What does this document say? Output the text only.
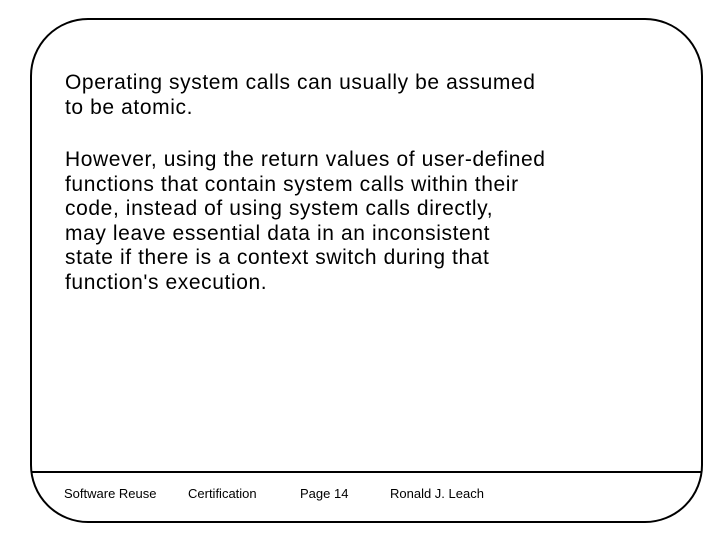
Operating system calls can usually be assumed
to be atomic.

However, using the return values of user-defined
functions that contain system calls within their
code, instead of using system calls directly,
may leave essential data in an inconsistent
state if there is a context switch during that
function's execution.

Software Reuse Certification	Page 14	Ronald J. Leach
